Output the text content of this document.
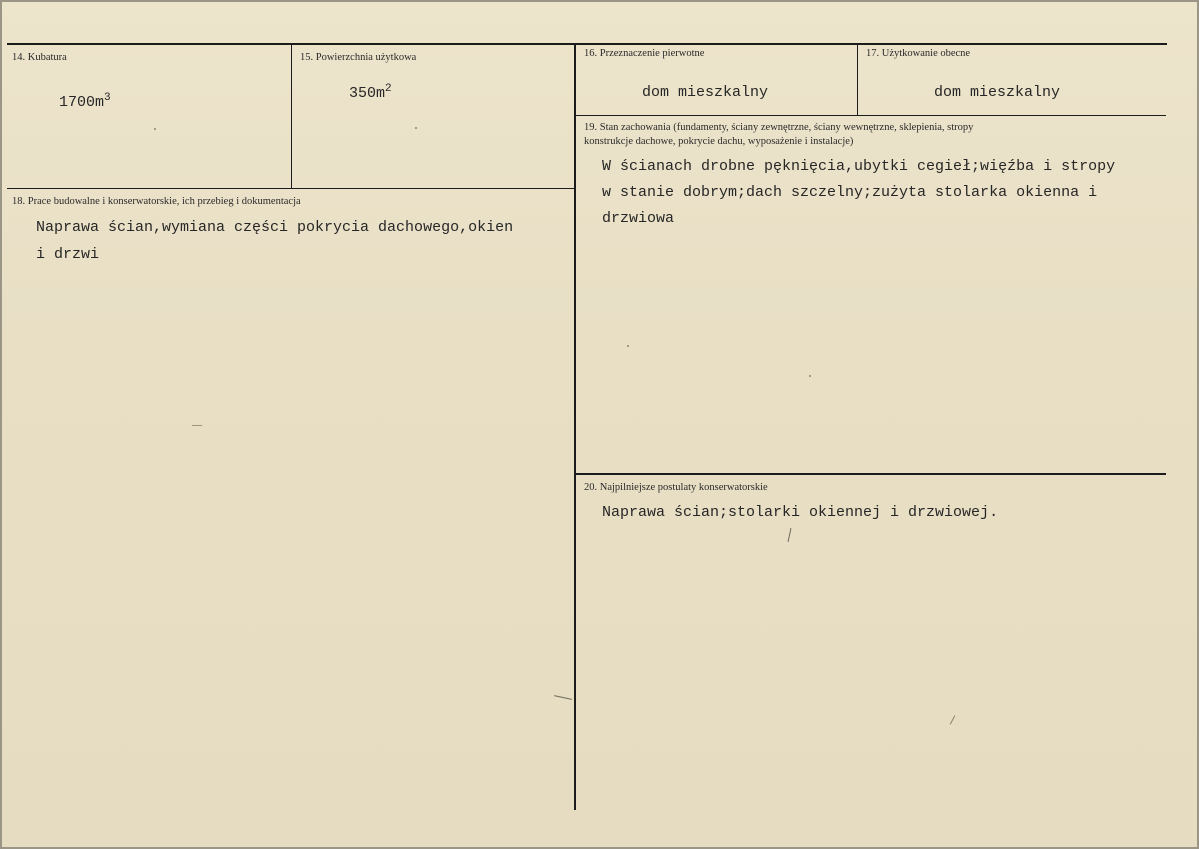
14. Kubatura
$1700m^3$
15. Powierzchnia użytkowa
$350m^2$
16. Przeznaczenie pierwotne
dom mieszkalny
17. Użytkowanie obecne
dom mieszkalny
19. Stan zachowania (fundamenty, ściany zewnętrzne, ściany wewnętrzne, sklepienia, stropy
konstrukcje dachowe, pokrycie dachu, wyposażenie i instalacje)
W ścianach drobne pęknięcia,ubytki cegieł;więźba i stropy
w stanie dobrym;dach szczelny;zużyta stolarka okienna i
drzwiowa
18. Prace budowalne i konserwatorskie, ich przebieg i dokumentacja
Naprawa ścian,wymiana części pokrycia dachowego,okien
i drzwi
20. Najpilniejsze postulaty konserwatorskie
Naprawa ścian;stolarki okiennej i drzwiowej.
